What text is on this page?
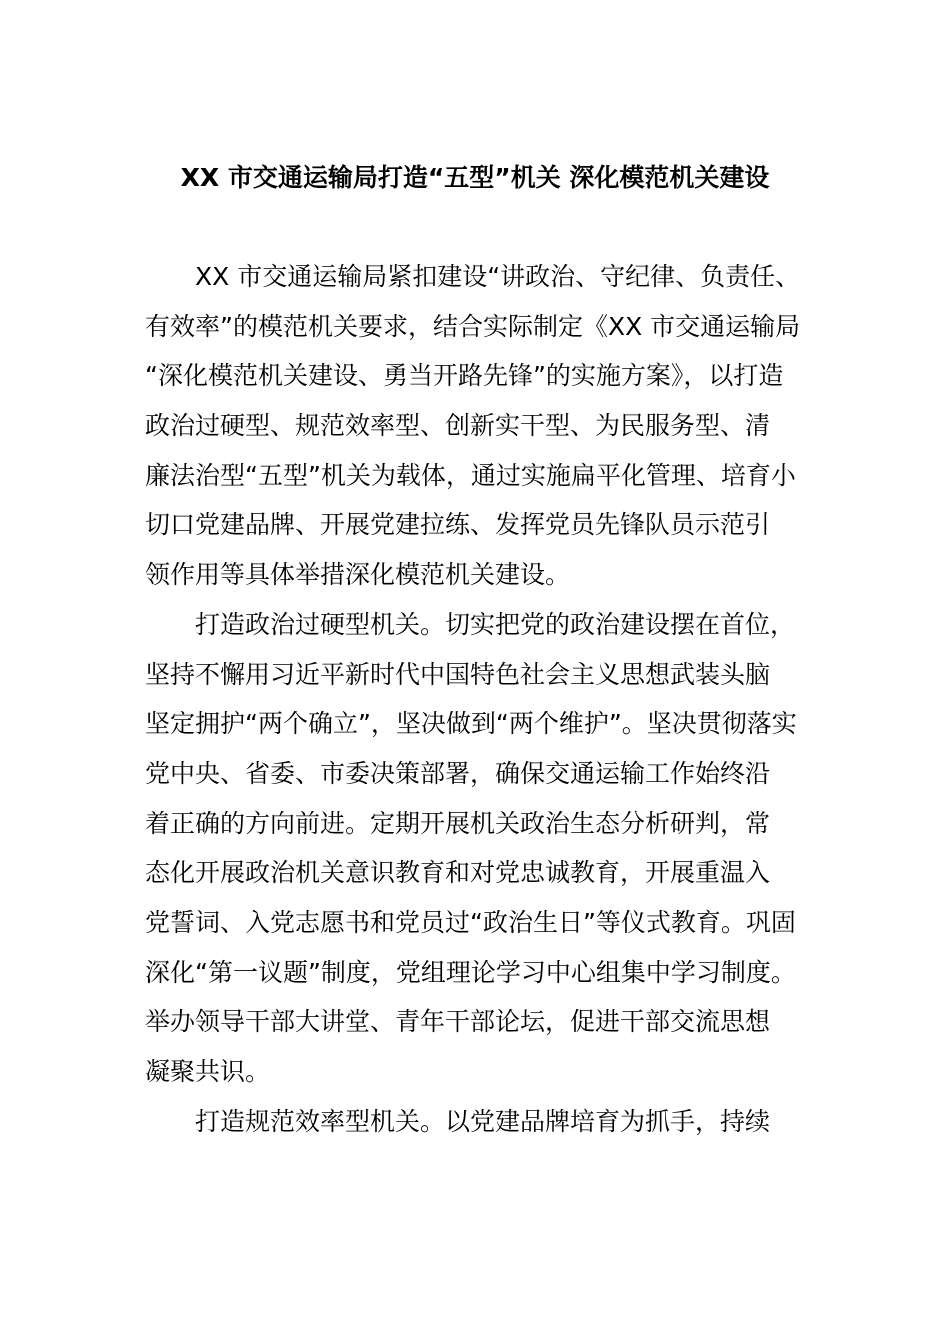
XX 市交通运输局打造“五型”机关 深化模范机关建设
XX 市交通运输局紧扣建设“讲政治、守纪律、负责任、
有效率”的模范机关要求，结合实际制定《XX 市交通运输局
“深化模范机关建设、勇当开路先锋”的实施方案》，以打造
政治过硬型、规范效率型、创新实干型、为民服务型、清
廉法治型“五型”机关为载体，通过实施扁平化管理、培育小
切口党建品牌、开展党建拉练、发挥党员先锋队员示范引
领作用等具体举措深化模范机关建设。
打造政治过硬型机关。切实把党的政治建设摆在首位，
坚持不懈用习近平新时代中国特色社会主义思想武装头脑
坚定拥护“两个确立”，坚决做到“两个维护”。坚决贯彻落实
党中央、省委、市委决策部署，确保交通运输工作始终沿
着正确的方向前进。定期开展机关政治生态分析研判，常
态化开展政治机关意识教育和对党忠诚教育，开展重温入
党誓词、入党志愿书和党员过“政治生日”等仪式教育。巩固
深化“第一议题”制度，党组理论学习中心组集中学习制度。
举办领导干部大讲堂、青年干部论坛，促进干部交流思想
凝聚共识。
打造规范效率型机关。以党建品牌培育为抓手，持续
